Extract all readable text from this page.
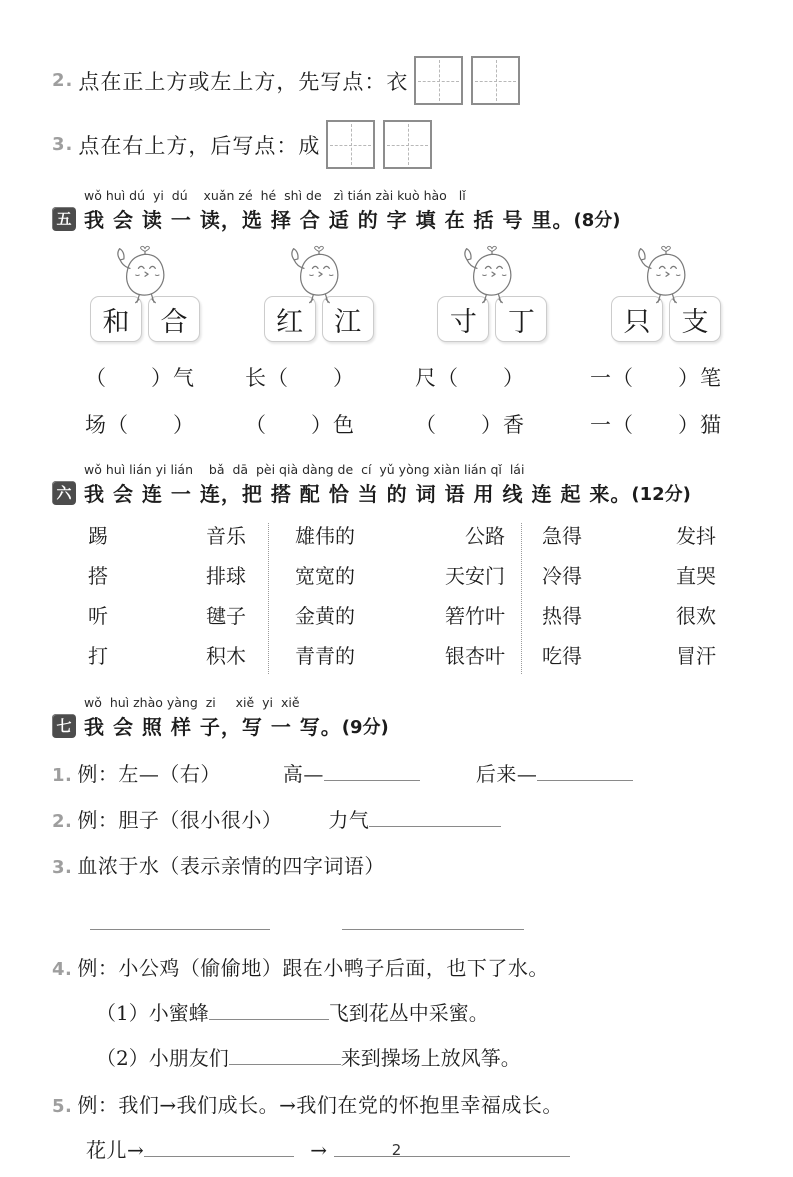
2. 点在正上方或左上方，先写点：衣
3. 点在右上方，后写点：成
wǒ huì dú  yi  dú    xuǎn zé  hé  shì de   zì tián zài kuò hào   lǐ
五 我 会 读 一 读，选 择 合 适 的 字 填 在 括 号 里。 (8分)
和	合	红	江	寸	丁	只	支
（　　）气	长（　　）	尺（　　）	一（　　）笔
场（　　）	（　　）色	（　　）香	一（　　）猫
wǒ huì lián yi lián    bǎ  dā  pèi qià dàng de  cí  yǔ yòng xiàn lián qǐ  lái
六 我 会 连 一 连，把 搭 配 恰 当 的 词 语 用 线 连 起 来。 (12分)
踢	音乐
搭	排球
听	毽子
打	积木
雄伟的	公路
宽宽的	天安门
金黄的	箬竹叶
青青的	银杏叶
急得	发抖
冷得	直哭
热得	很欢
吃得	冒汗
wǒ  huì zhào yàng  zi     xiě  yi  xiě
七 我 会 照 样 子，写 一 写。 (9分)
1. 例：左—（右）	高—	后来—
2. 例：胆子（很小很小） 力气
3. 血浓于水（表示亲情的四字词语）
4. 例：小公鸡（偷偷地）跟在小鸭子后面，也下了水。
（1） 小蜜蜂	飞到花丛中采蜜。
（2） 小朋友们	来到操场上放风筝。
5. 例：我们→我们成长。→我们在党的怀抱里幸福成长。
花儿→	→	2
